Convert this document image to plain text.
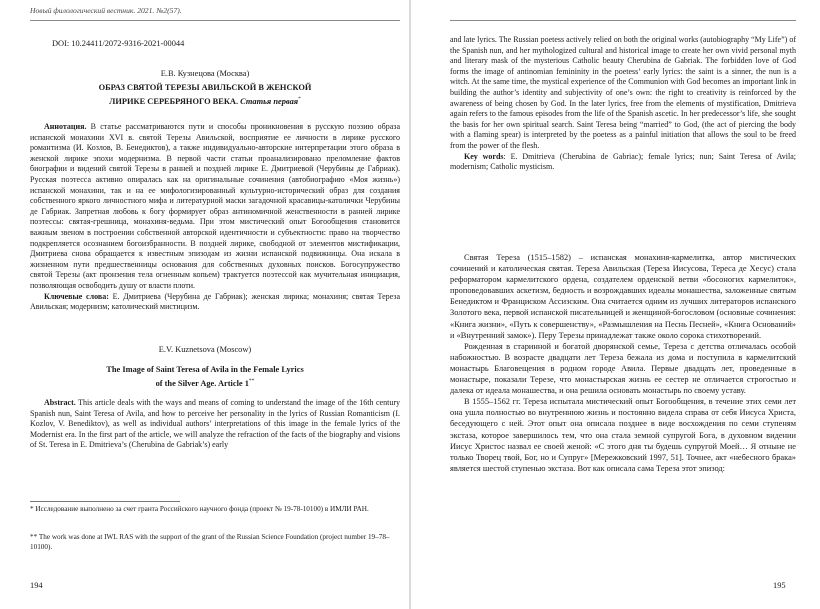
Новый филологический вестник. 2021. №2(57).
DOI: 10.24411/2072-9316-2021-00044
Е.В. Кузнецова (Москва)
ОБРАЗ СВЯТОЙ ТЕРЕЗЫ АВИЛЬСКОЙ В ЖЕНСКОЙ
ЛИРИКЕ СЕРЕБРЯНОГО ВЕКА. Статья первая*

Аннотация. В статье рассматриваются пути и способы проникновения в русскую поэзию образа испанской монахини XVI в. святой Терезы Авильской, восприятие ее личности в лирике русского романтизма (И. Козлов, В. Бенедиктов), а также индивидуально-авторские интерпретации этого образа в женской лирике эпохи модернизма. В первой части статьи проанализировано преломление фактов биографии и видений святой Терезы в ранней и поздней лирике Е. Дмитриевой (Черубины де Габриак). Русская поэтесса активно опиралась как на оригинальные сочинения (автобиографию «Моя жизнь») испанской монахини, так и на ее мифологизированный культурно-исторический образ для создания собственного яркого личностного мифа и литературной маски загадочной красавицы-католички Черубины де Габриак. Запретная любовь к богу формирует образ антиномичной женственности в ранней лирике поэтессы: святая-грешница, монахиня-ведьма. При этом мистический опыт Богообщения становится важным звеном в построении собственной авторской идентичности и субъектности: право на творчество подкрепляется осознанием богоизбранности. В поздней лирике, свободной от элементов мистификации, Дмитриева снова обращается к известным эпизодам из жизни испанской подвижницы. Она искала в жизненном пути предшественницы основания для собственных духовных поисков. Богосупружество святой Терезы (акт пронзения тела огненным копьем) трактуется поэтессой как мучительная инициация, позволяющая освободить душу от власти плоти.

Ключевые слова: Е. Дмитриева (Черубина де Габриак); женская лирика; монахиня; святая Тереза Авильская; модернизм; католический мистицизм.

E.V. Kuznetsova (Moscow)
The Image of Saint Teresa of Avila in the Female Lyrics
of the Silver Age. Article 1**

Abstract. This article deals with the ways and means of coming to understand the image of the 16th century Spanish nun, Saint Teresa of Avila, and how to perceive her personality in the lyrics of Russian Romanticism (I. Kozlov, V. Benediktov), as well as individual authors’ interpretations of this image in the female lyrics of the Modernist era. In the first part of the article, we will analyze the refraction of the facts of the biography and visions of St. Teresa in E. Dmitrieva’s (Cherubina de Gabriak’s) early

* Исследование выполнено за счет гранта Российского научного фонда (проект № 19-78-10100) в ИМЛИ РАН.
** The work was done at IWL RAS with the support of the grant of the Russian Science Foundation (project number 19–78–10100).
194

and late lyrics. The Russian poetess actively relied on both the original works (autobiography “My Life”) of the Spanish nun, and her mythologized cultural and historical image to create her own vivid personal myth and literary mask of the mysterious Catholic beauty Cherubina de Gabriak. The forbidden love of God forms the image of antinomian femininity in the poetess’ early lyrics: the saint is a sinner, the nun is a witch. At the same time, the mystical experience of the Communion with God becomes an important link in building the author’s identity and subjectivity of one’s own: the right to creativity is reinforced by the awareness of being chosen by God. In the later lyrics, free from the elements of mystification, Dmitrieva again refers to the famous episodes from the life of the Spanish ascetic. In her predecessor’s life, she sought the basis for her own spiritual search. Saint Teresa being “married” to God, (the act of piercing the body with a flaming spear) is interpreted by the poetess as a painful initiation that allows the soul to be freed from the power of the flesh.

Key words: E. Dmitrieva (Cherubina de Gabriac); female lyrics; nun; Saint Teresa of Avila; modernism; Catholic mysticism.

Святая Тереза (1515–1582) – испанская монахиня-кармелитка, автор мистических сочинений и католическая святая. Тереза Авильская (Тереза Иисусова, Тереса де Хесус) стала реформатором кармелитского ордена, создателем орденской ветви «босоногих кармелиток», проповедовавших аскетизм, бедность и возрождавших идеалы монашества, заложенные святым Бенедиктом и Франциском Ассизским. Она считается одним из лучших литераторов испанского Золотого века, первой испанской писательницей и женщиной-богословом (основные сочинения: «Книга жизни», «Путь к совершенству», «Размышления на Песнь Песней», «Книга Оснований» и «Внутренний замок»). Перу Терезы принадлежат также около сорока стихотворений.

Рожденная в старинной и богатой дворянской семье, Тереза с детства отличалась особой набожностью. В возрасте двадцати лет Тереза бежала из дома и поступила в кармелитский монастырь Благовещения в родном городе Авила. Первые двадцать лет, проведенные в монастыре, показали Терезе, что монастырская жизнь ее сестер не отличается строгостью и далека от идеала монашества, и она решила основать монастырь по своему уставу.

В 1555–1562 гг. Тереза испытала мистический опыт Богообщения, в течение этих семи лет она ушла полностью во внутреннюю жизнь и постоянно видела справа от себя Иисуса Христа, беседующего с ней. Этот опыт она описала позднее в виде восхождения по семи ступеням экстаза, которое завершилось тем, что она стала земной супругой Бога, в духовном видении Иисус Христос назвал ее своей женой: «С этого дня ты будешь супругой Моей… Я отныне не только Творец твой, Бог, но и Супруг» [Мережковский 1997, 51]. Точнее, акт «небесного брака» является шестой ступенью экстаза. Вот как описала сама Тереза этот эпизод:

195
